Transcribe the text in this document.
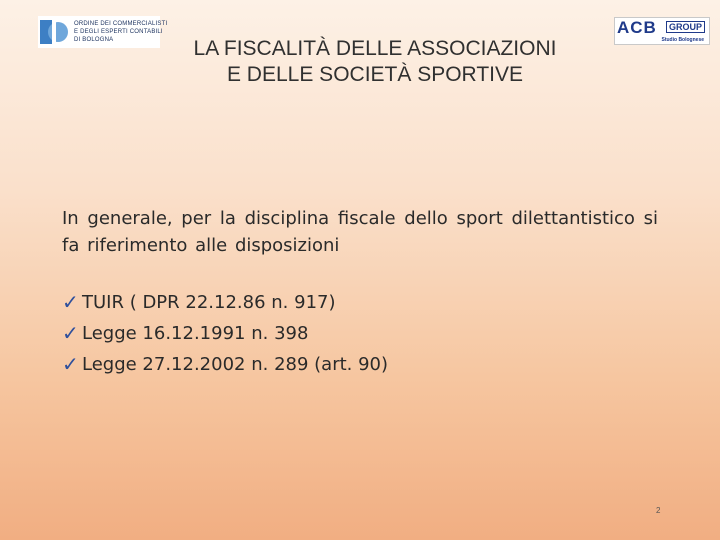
ORDINE DEI COMMERCIALISTI
E DEGLI ESPERTI CONTABILI
DI BOLOGNA
ACB	GROUP
Studio Bolognese
LA FISCALITÀ DELLE ASSOCIAZIONI
E DELLE SOCIETÀ SPORTIVE

In generale, per la disciplina fiscale dello sport dilettantistico si fa riferimento alle disposizioni

✓ TUIR ( DPR 22.12.86 n. 917)
✓ Legge 16.12.1991 n. 398
✓ Legge 27.12.2002 n. 289 (art. 90)
2
